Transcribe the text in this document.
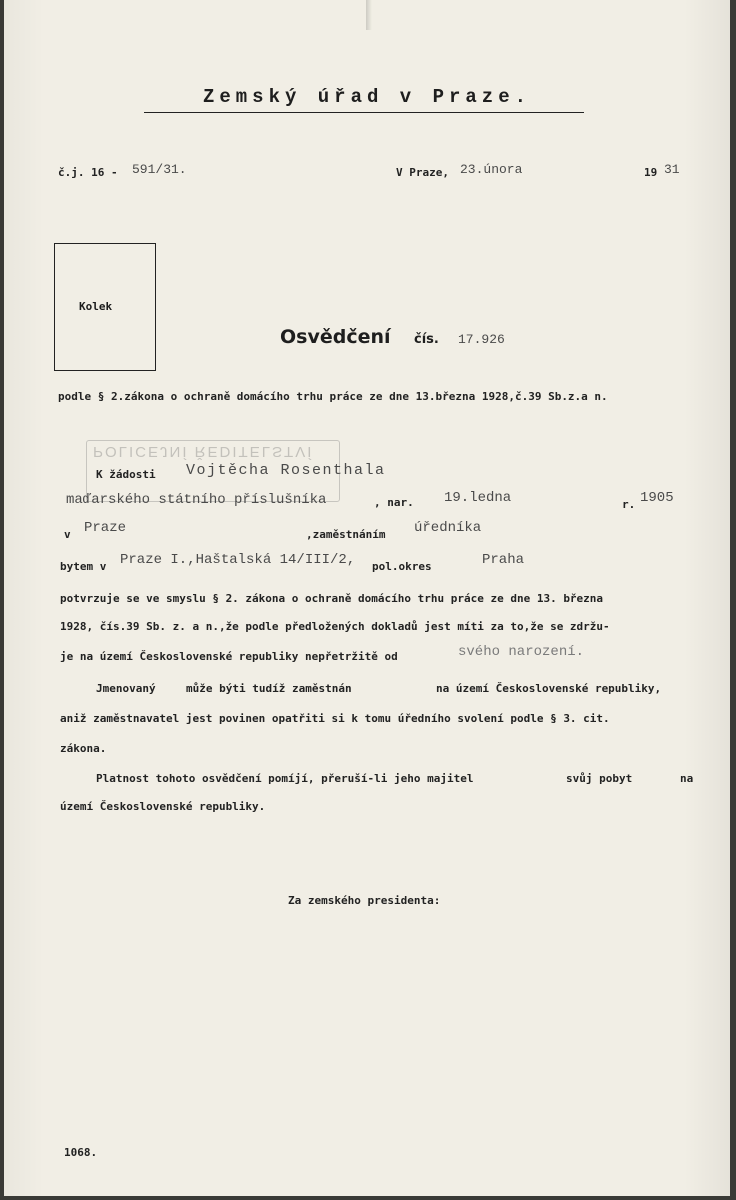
Zemský úřad v Praze.
č.j. 16 - 591/31.	V Praze, 23.února	19 31
Kolek
Osvědčení čís. 17.926
podle § 2.zákona o ochraně domácího trhu práce ze dne 13.března 1928,č.39 Sb.z.a n.
POLICEJNÍ ŘEDITELSTVÍ
K žádosti Vojtěcha Rosenthala
maďarského státního příslušníka	, nar. 19.ledna	r. 1905
v Praze	,zaměstnáním úředníka
bytem v Praze I.,Haštalská 14/III/2, pol.okres	Praha
potvrzuje se ve smyslu § 2. zákona o ochraně domácího trhu práce ze dne 13. března
1928, čís.39 Sb. z. a n.,že podle předložených dokladů jest míti za to,že se zdržu-
je na území Československé republiky nepřetržitě od	svého narození.
Jmenovaný	může býti tudíž zaměstnán	na území Československé republiky,
aniž zaměstnavatel jest povinen opatřiti si k tomu úředního svolení podle § 3. cit.
zákona.
Platnost tohoto osvědčení pomíjí, přeruší-li jeho majitel	svůj pobyt	na
území Československé republiky.
Za zemského presidenta:
1068.
